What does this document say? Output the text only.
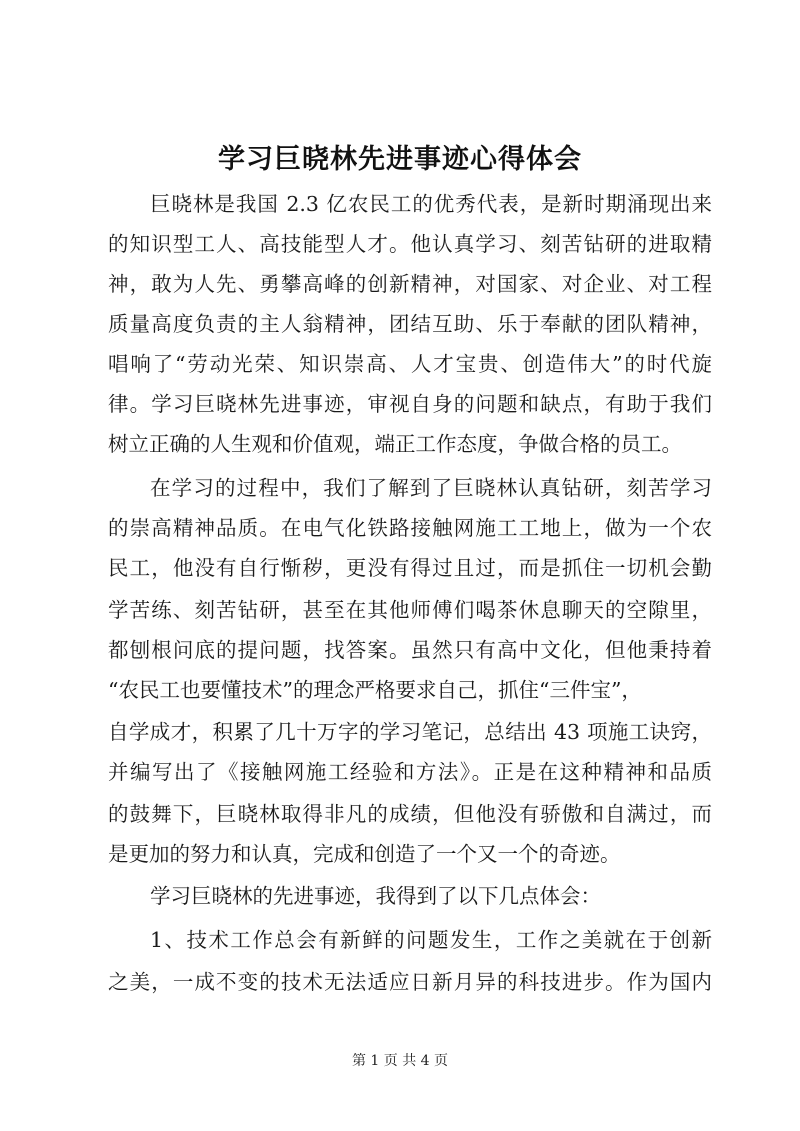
学习巨晓林先进事迹心得体会
巨晓林是我国 2.3 亿农民工的优秀代表，是新时期涌现出来
的知识型工人、高技能型人才。他认真学习、刻苦钻研的进取精
神，敢为人先、勇攀高峰的创新精神，对国家、对企业、对工程
质量高度负责的主人翁精神，团结互助、乐于奉献的团队精神，
唱响了“劳动光荣、知识崇高、人才宝贵、创造伟大”的时代旋
律。学习巨晓林先进事迹，审视自身的问题和缺点，有助于我们
树立正确的人生观和价值观，端正工作态度，争做合格的员工。
在学习的过程中，我们了解到了巨晓林认真钻研，刻苦学习
的崇高精神品质。在电气化铁路接触网施工工地上，做为一个农
民工，他没有自行惭秽，更没有得过且过，而是抓住一切机会勤
学苦练、刻苦钻研，甚至在其他师傅们喝茶休息聊天的空隙里，
都刨根问底的提问题，找答案。虽然只有高中文化，但他秉持着
“农民工也要懂技术”的理念严格要求自己，抓住“三件宝”，
自学成才，积累了几十万字的学习笔记，总结出 43 项施工诀窍，
并编写出了《接触网施工经验和方法》。正是在这种精神和品质
的鼓舞下，巨晓林取得非凡的成绩，但他没有骄傲和自满过，而
是更加的努力和认真，完成和创造了一个又一个的奇迹。
学习巨晓林的先进事迹，我得到了以下几点体会：
1、技术工作总会有新鲜的问题发生，工作之美就在于创新
之美，一成不变的技术无法适应日新月异的科技进步。作为国内
第 1 页 共 4 页
